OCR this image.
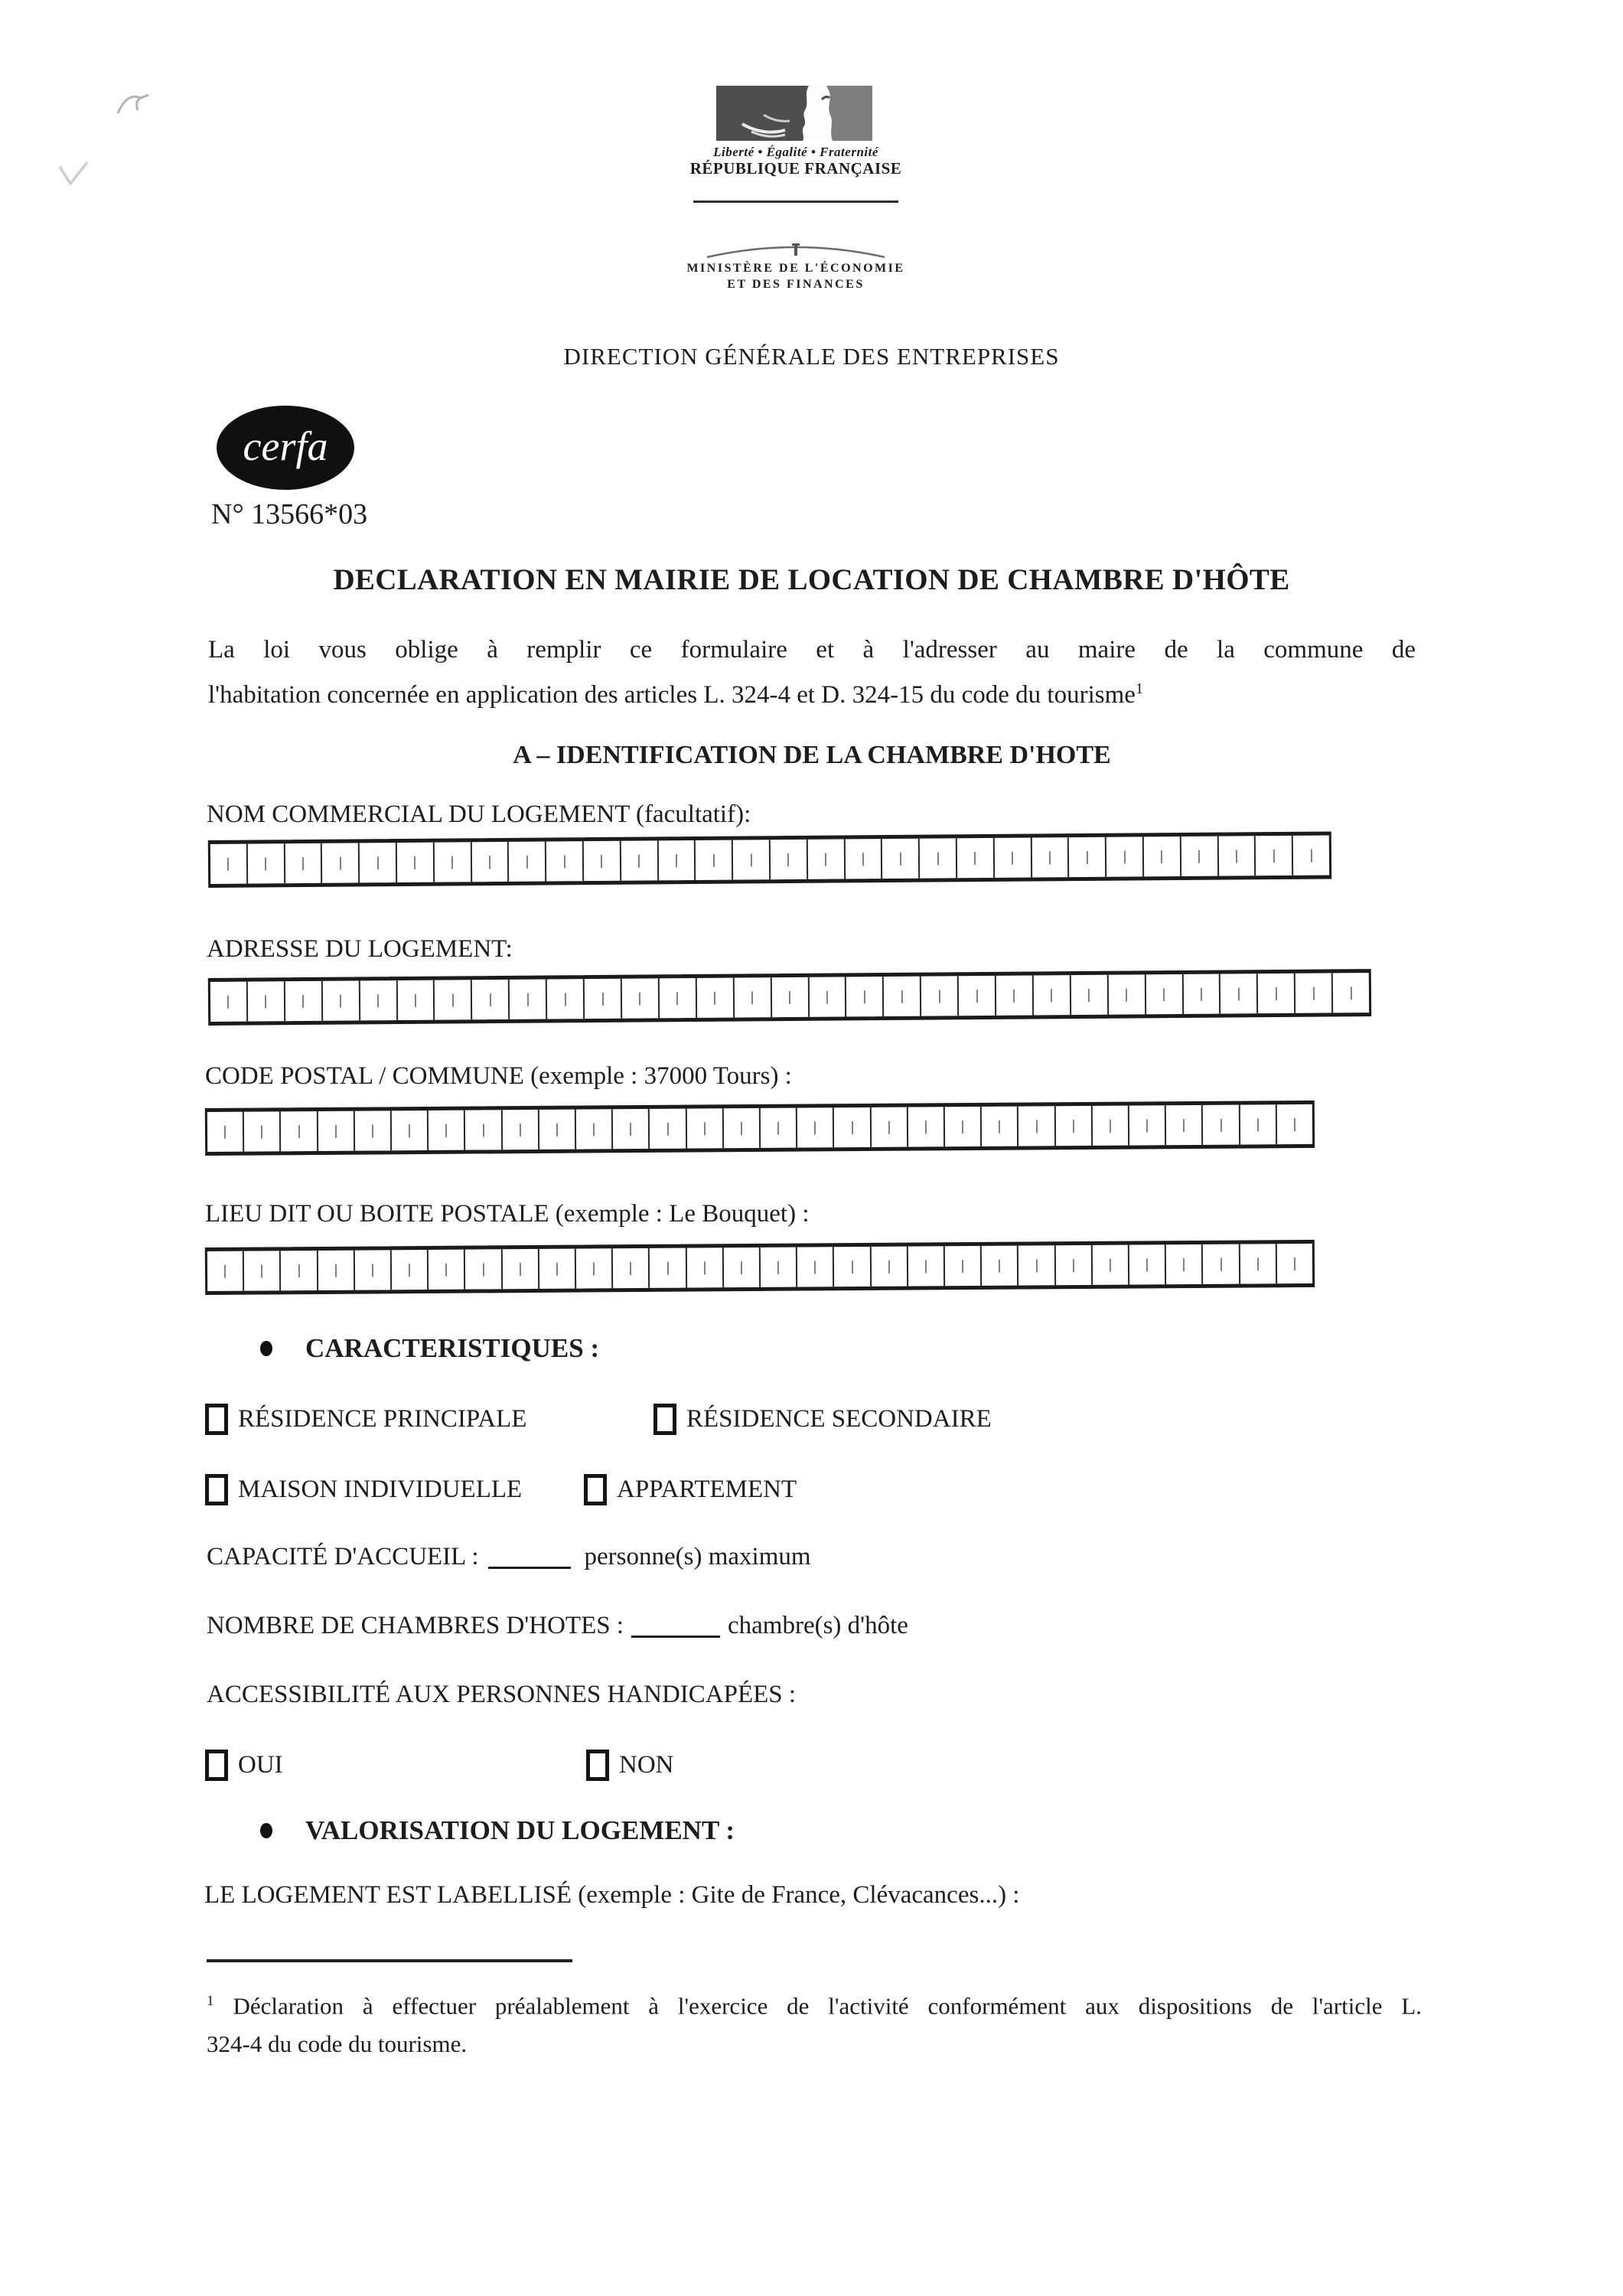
Liberté • Égalité • Fraternité
RÉPUBLIQUE FRANÇAISE
MINISTÈRE DE L'ÉCONOMIE
ET DES FINANCES
DIRECTION GÉNÉRALE DES ENTREPRISES
cerfa
N° 13566*03
DECLARATION EN MAIRIE DE LOCATION DE CHAMBRE D'HÔTE
La loi vous oblige à remplir ce formulaire et à l'adresser au maire de la commune de
l'habitation concernée en application des articles L. 324-4 et D. 324-15 du code du tourisme$^1$
A – IDENTIFICATION DE LA CHAMBRE D'HOTE
NOM COMMERCIAL DU LOGEMENT (facultatif):
ADRESSE DU LOGEMENT:
CODE POSTAL / COMMUNE (exemple : 37000 Tours) :
LIEU DIT OU BOITE POSTALE (exemple : Le Bouquet) :
CARACTERISTIQUES :
RÉSIDENCE PRINCIPALE	RÉSIDENCE SECONDAIRE
MAISON INDIVIDUELLE	APPARTEMENT
CAPACITÉ D'ACCUEIL :	personne(s) maximum
NOMBRE DE CHAMBRES D'HOTES :	chambre(s) d'hôte
ACCESSIBILITÉ AUX PERSONNES HANDICAPÉES :
OUI	NON
VALORISATION DU LOGEMENT :
LE LOGEMENT EST LABELLISÉ (exemple : Gite de France, Clévacances...) :
$^1$ Déclaration à effectuer préalablement à l'exercice de l'activité conformément aux dispositions de l'article L.
324-4 du code du tourisme.
